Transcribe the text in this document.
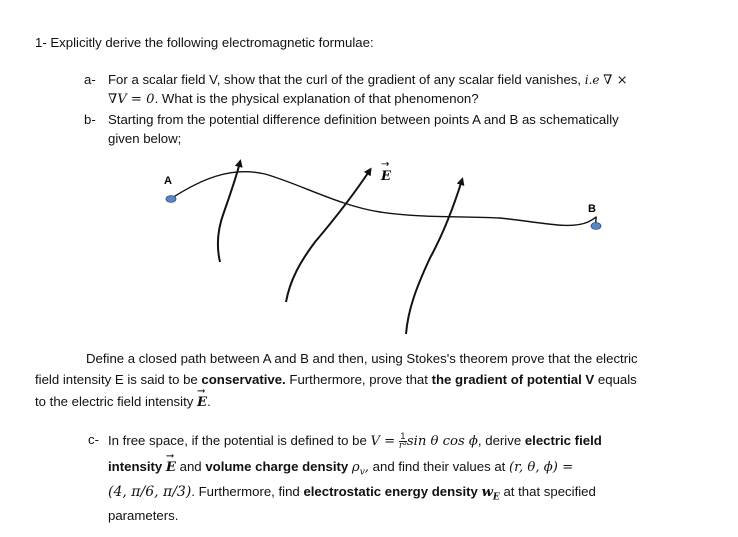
1- Explicitly derive the following electromagnetic formulae:
a- For a scalar field V, show that the curl of the gradient of any scalar field vanishes, i.e ∇ ×
∇V = 0. What is the physical explanation of that phenomenon?
b- Starting from the potential difference definition between points A and B as schematically
given below;
A
B
E
→
Define a closed path between A and B and then, using Stokes's theorem prove that the electric
field intensity E is said to be conservative. Furthermore, prove that the gradient of potential V equals
to the electric field intensity → E.
c- In free space, if the potential is defined to be $V = \frac{1}{\text{r³}}$ sin θ cos ϕ, derive electric field
intensity → E and volume charge density $\rho_v$, and find their values at (r, θ, ϕ) =
(4, π/6, π/3). Furthermore, find electrostatic energy density $w_E$ at that specified
parameters.
